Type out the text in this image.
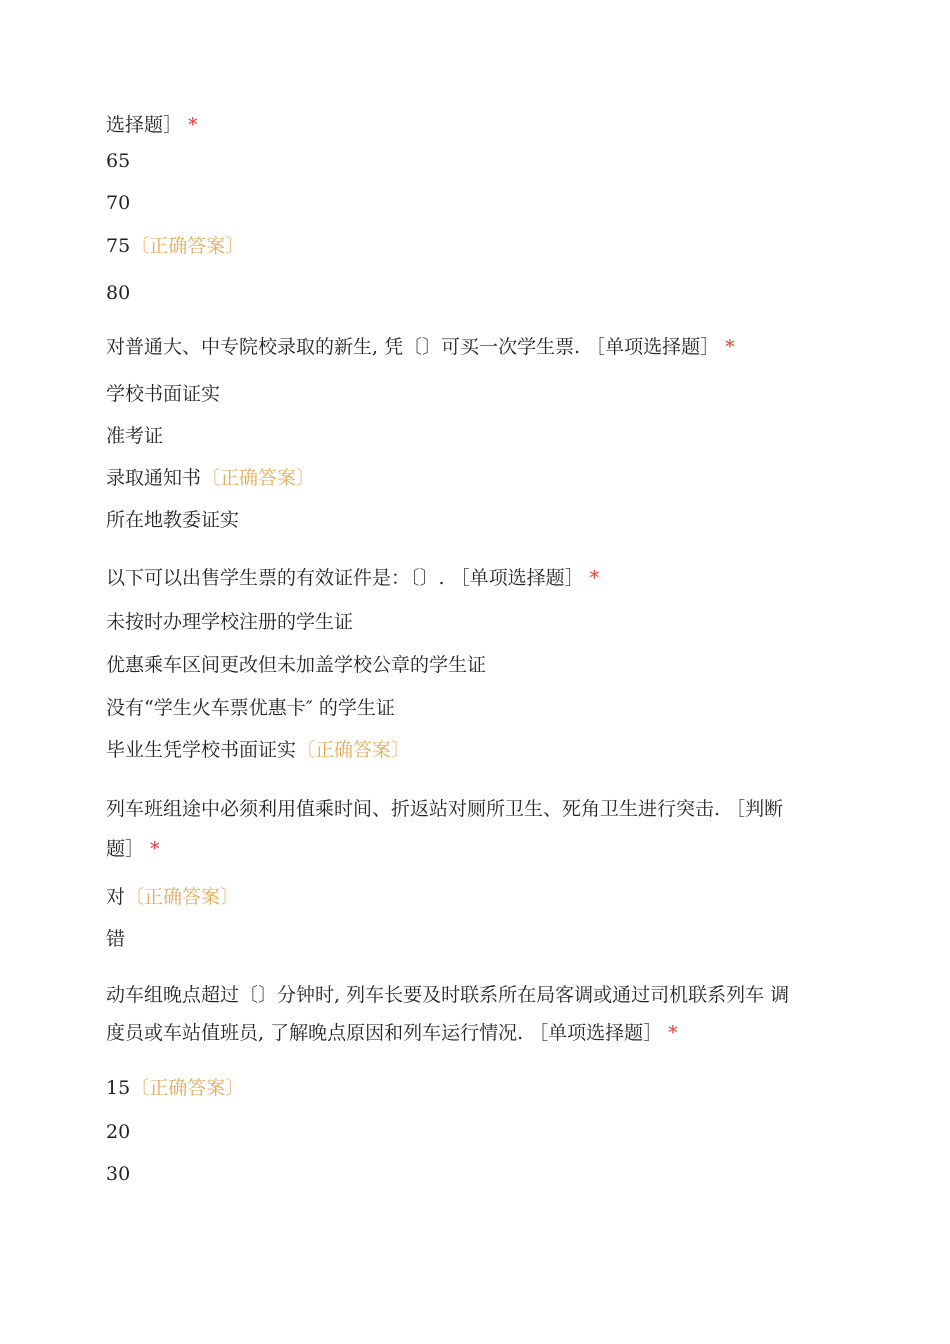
选择题］ *
65
70
75〔正确答案〕
80
对普通大、中专院校录取的新生, 凭〔〕可买一次学生票. ［单项选择题］ *
学校书面证实
准考证
录取通知书〔正确答案〕
所在地教委证实
以下可以出售学生票的有效证件是：〔〕. ［单项选择题］ *
未按时办理学校注册的学生证
优惠乘车区间更改但未加盖学校公章的学生证
没有“学生火车票优惠卡″ 的学生证
毕业生凭学校书面证实〔正确答案〕
列车班组途中必须利用值乘时间、折返站对厕所卫生、死角卫生进行突击. ［判断
题］ *
对〔正确答案〕
错
动车组晚点超过〔〕分钟时, 列车长要及时联系所在局客调或通过司机联系列车 调
度员或车站值班员, 了解晚点原因和列车运行情况. ［单项选择题］ *
15〔正确答案〕
20
30
